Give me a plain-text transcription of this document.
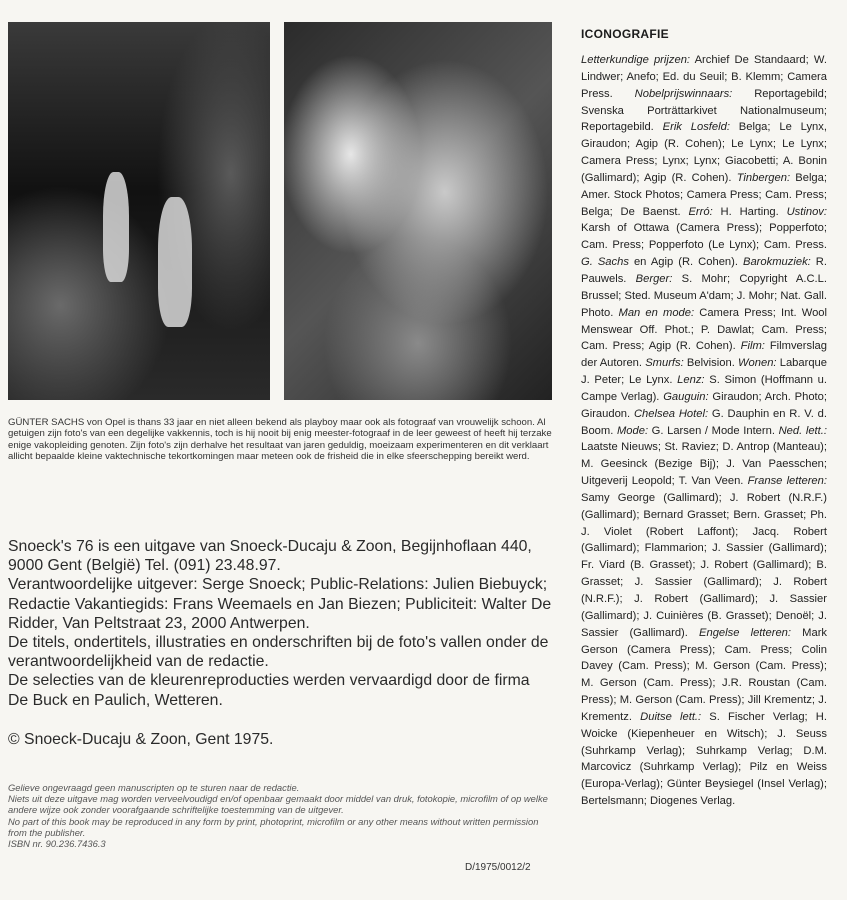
GÜNTER SACHS von Opel is thans 33 jaar en niet alleen bekend als playboy maar ook als fotograaf van vrouwelijk schoon. Al getuigen zijn foto's van een degelijke vakkennis, toch is hij nooit bij enig meester-fotograaf in de leer geweest of heeft hij terzake enige vakopleiding genoten. Zijn foto's zijn derhalve het resultaat van jaren geduldig, moeizaam experimenteren en dit verklaart allicht bepaalde kleine vaktechnische tekortkomingen maar meteen ook de frisheid die in elke sfeerschepping bereikt werd.
Snoeck's 76 is een uitgave van Snoeck-Ducaju & Zoon, Begijnhoflaan 440, 9000 Gent (België) Tel. (091) 23.48.97.
Verantwoordelijke uitgever: Serge Snoeck; Public-Relations: Julien Biebuyck; Redactie Vakantiegids: Frans Weemaels en Jan Biezen; Publiciteit: Walter De Ridder, Van Peltstraat 23, 2000 Antwerpen.
De titels, ondertitels, illustraties en onderschriften bij de foto's vallen onder de verantwoordelijkheid van de redactie.
De selecties van de kleurenreproducties werden vervaardigd door de firma De Buck en Paulich, Wetteren.
© Snoeck-Ducaju & Zoon, Gent 1975.
Gelieve ongevraagd geen manuscripten op te sturen naar de redactie.
Niets uit deze uitgave mag worden verveelvoudigd en/of openbaar gemaakt door middel van druk, fotokopie, microfilm of op welke andere wijze ook zonder voorafgaande schriftelijke toestemming van de uitgever.
No part of this book may be reproduced in any form by print, photoprint, microfilm or any other means without written permission from the publisher.
ISBN nr. 90.236.7436.3
D/1975/0012/2
ICONOGRAFIE
Letterkundige prijzen: Archief De Standaard; W. Lindwer; Anefo; Ed. du Seuil; B. Klemm; Camera Press. Nobelprijswinnaars: Reportagebild; Svenska Porträttarkivet Nationalmuseum; Reportagebild. Erik Losfeld: Belga; Le Lynx, Giraudon; Agip (R. Cohen); Le Lynx; Le Lynx; Camera Press; Lynx; Lynx; Giacobetti; A. Bonin (Gallimard); Agip (R. Cohen). Tinbergen: Belga; Amer. Stock Photos; Camera Press; Cam. Press; Belga; De Baenst. Erró: H. Harting. Ustinov: Karsh of Ottawa (Camera Press); Popperfoto; Cam. Press; Popperfoto (Le Lynx); Cam. Press. G. Sachs en Agip (R. Cohen). Barokmuziek: R. Pauwels. Berger: S. Mohr; Copyright A.C.L. Brussel; Sted. Museum A'dam; J. Mohr; Nat. Gall. Photo. Man en mode: Camera Press; Int. Wool Menswear Off. Phot.; P. Dawlat; Cam. Press; Cam. Press; Agip (R. Cohen). Film: Filmverslag der Autoren. Smurfs: Belvision. Wonen: Labarque J. Peter; Le Lynx. Lenz: S. Simon (Hoffmann u. Campe Verlag). Gauguin: Giraudon; Arch. Photo; Giraudon. Chelsea Hotel: G. Dauphin en R. V. d. Boom. Mode: G. Larsen / Mode Intern. Ned. lett.: Laatste Nieuws; St. Raviez; D. Antrop (Manteau); M. Geesinck (Bezige Bij); J. Van Paesschen; Uitgeverij Leopold; T. Van Veen. Franse letteren: Samy George (Gallimard); J. Robert (N.R.F.) (Gallimard); Bernard Grasset; Bern. Grasset; Ph. J. Violet (Robert Laffont); Jacq. Robert (Gallimard); Flammarion; J. Sassier (Gallimard); Fr. Viard (B. Grasset); J. Robert (Gallimard); B. Grasset; J. Sassier (Gallimard); J. Robert (N.R.F.); J. Robert (Gallimard); J. Sassier (Gallimard); J. Cuinières (B. Grasset); Denoël; J. Sassier (Gallimard). Engelse letteren: Mark Gerson (Camera Press); Cam. Press; Colin Davey (Cam. Press); M. Gerson (Cam. Press); M. Gerson (Cam. Press); J.R. Roustan (Cam. Press); M. Gerson (Cam. Press); Jill Krementz; J. Krementz. Duitse lett.: S. Fischer Verlag; H. Woicke (Kiepenheuer en Witsch); J. Seuss (Suhrkamp Verlag); Suhrkamp Verlag; D.M. Marcovicz (Suhrkamp Verlag); Pilz en Weiss (Europa-Verlag); Günter Beysiegel (Insel Verlag); Bertelsmann; Diogenes Verlag.
